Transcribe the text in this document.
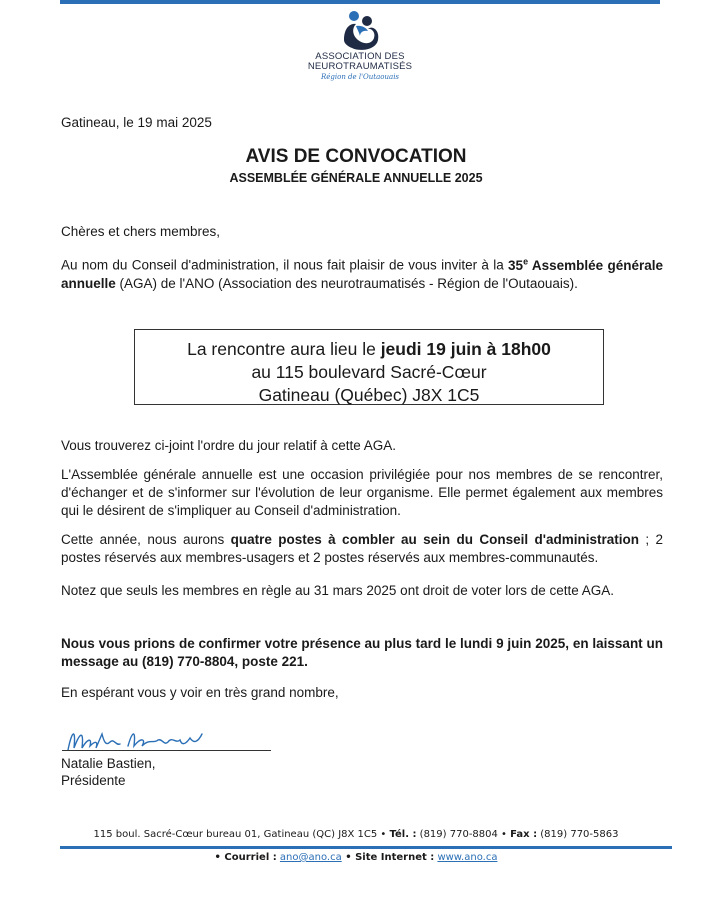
ASSOCIATION DES
NEUROTRAUMATISÉS
Région de l'Outaouais
Gatineau, le 19 mai 2025
AVIS DE CONVOCATION
ASSEMBLÉE GÉNÉRALE ANNUELLE 2025
Chères et chers membres,
Au nom du Conseil d'administration, il nous fait plaisir de vous inviter à la 35e Assemblée générale annuelle (AGA) de l'ANO (Association des neurotraumatisés - Région de l'Outaouais).
La rencontre aura lieu le jeudi 19 juin à 18h00
au 115 boulevard Sacré-Cœur
Gatineau (Québec) J8X 1C5
Vous trouverez ci-joint l'ordre du jour relatif à cette AGA.
L'Assemblée générale annuelle est une occasion privilégiée pour nos membres de se rencontrer, d'échanger et de s'informer sur l'évolution de leur organisme. Elle permet également aux membres qui le désirent de s'impliquer au Conseil d'administration.
Cette année, nous aurons quatre postes à combler au sein du Conseil d'administration ; 2 postes réservés aux membres-usagers et 2 postes réservés aux membres-communautés.
Notez que seuls les membres en règle au 31 mars 2025 ont droit de voter lors de cette AGA.
Nous vous prions de confirmer votre présence au plus tard le lundi 9 juin 2025, en laissant un message au (819) 770-8804, poste 221.
En espérant vous y voir en très grand nombre,
Natalie Bastien,
Présidente
115 boul. Sacré-Cœur bureau 01, Gatineau (QC) J8X 1C5 • Tél. : (819) 770-8804 • Fax : (819) 770-5863
• Courriel : ano@ano.ca • Site Internet : www.ano.ca
